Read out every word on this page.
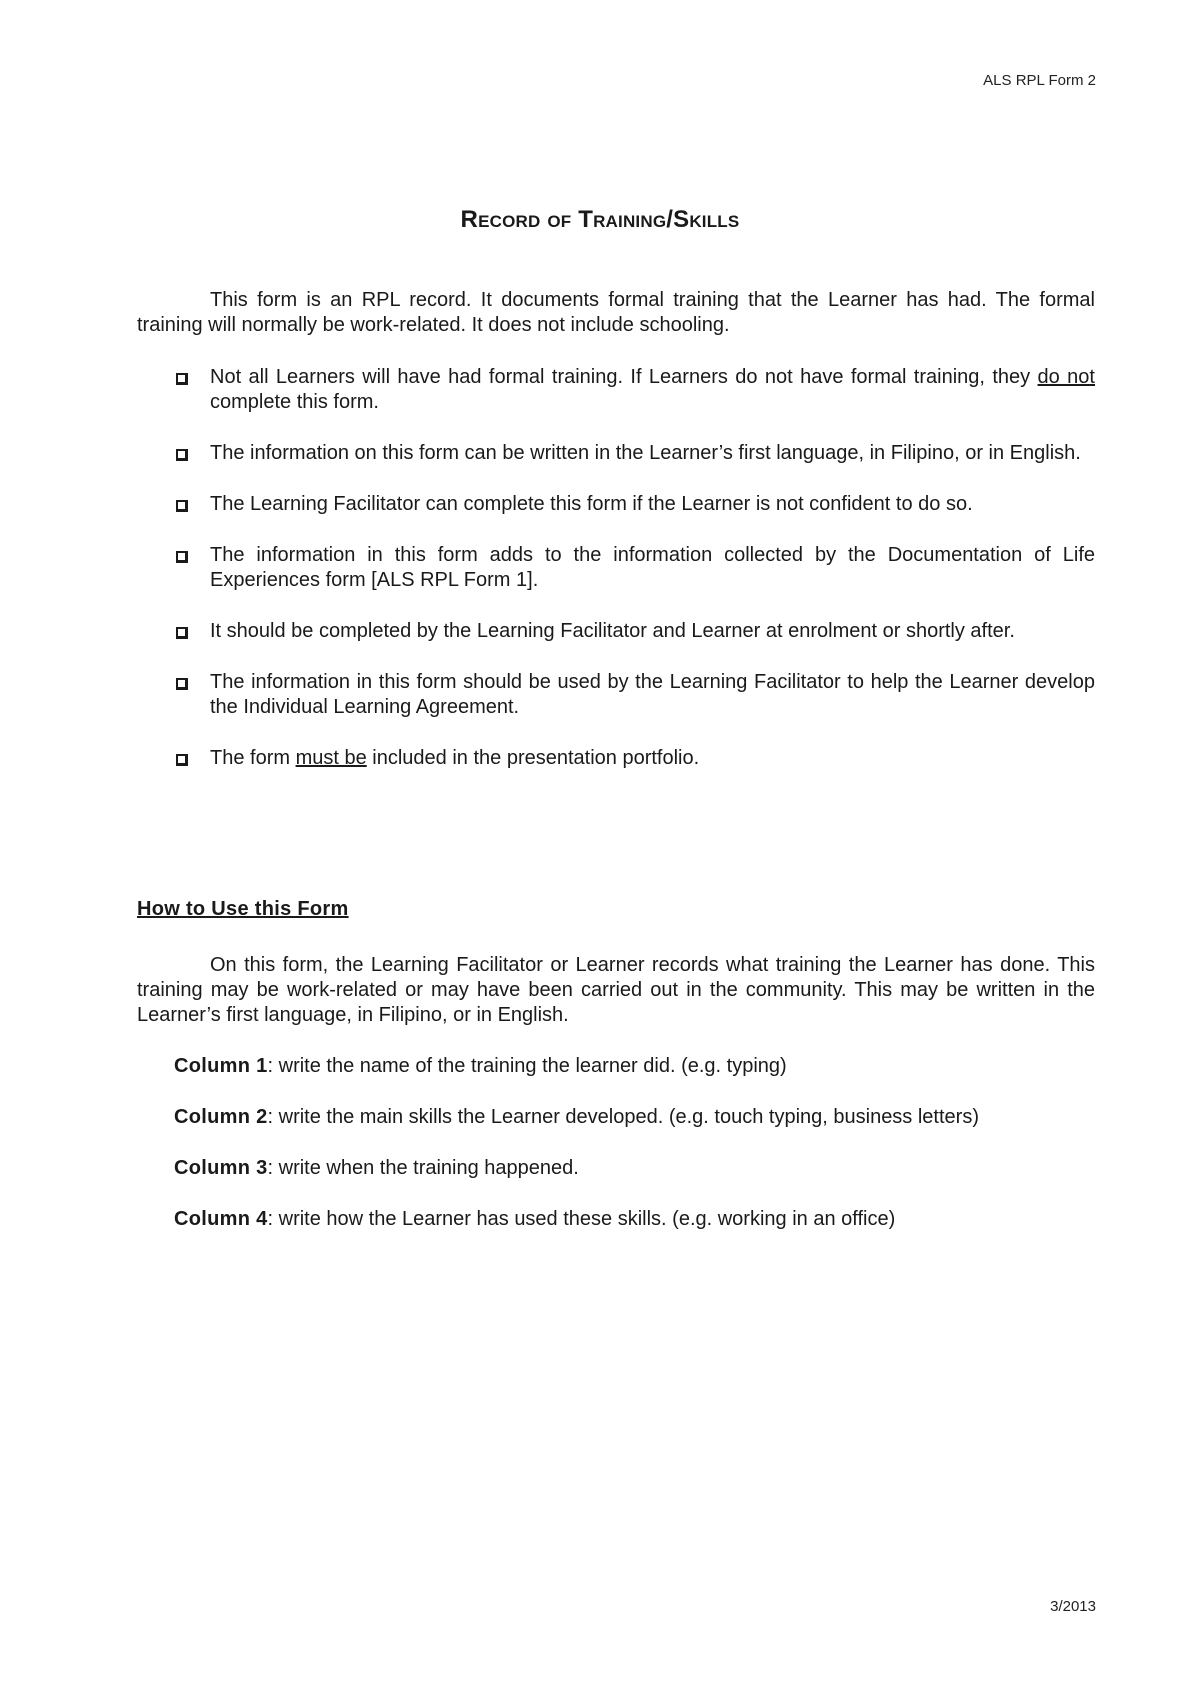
ALS RPL Form 2
Record of Training/Skills

This form is an RPL record. It documents formal training that the Learner has had. The formal training will normally be work-related. It does not include schooling.

Not all Learners will have had formal training. If Learners do not have formal training, they do not complete this form.
The information on this form can be written in the Learner’s first language, in Filipino, or in English.
The Learning Facilitator can complete this form if the Learner is not confident to do so.
The information in this form adds to the information collected by the Documentation of Life Experiences form [ALS RPL Form 1].
It should be completed by the Learning Facilitator and Learner at enrolment or shortly after.
The information in this form should be used by the Learning Facilitator to help the Learner develop the Individual Learning Agreement.
The form must be included in the presentation portfolio.
How to Use this Form

On this form, the Learning Facilitator or Learner records what training the Learner has done. This training may be work-related or may have been carried out in the community. This may be written in the Learner’s first language, in Filipino, or in English.

Column 1: write the name of the training the learner did. (e.g. typing)
Column 2: write the main skills the Learner developed. (e.g. touch typing, business letters)
Column 3: write when the training happened.
Column 4: write how the Learner has used these skills. (e.g. working in an office)
3/2013
